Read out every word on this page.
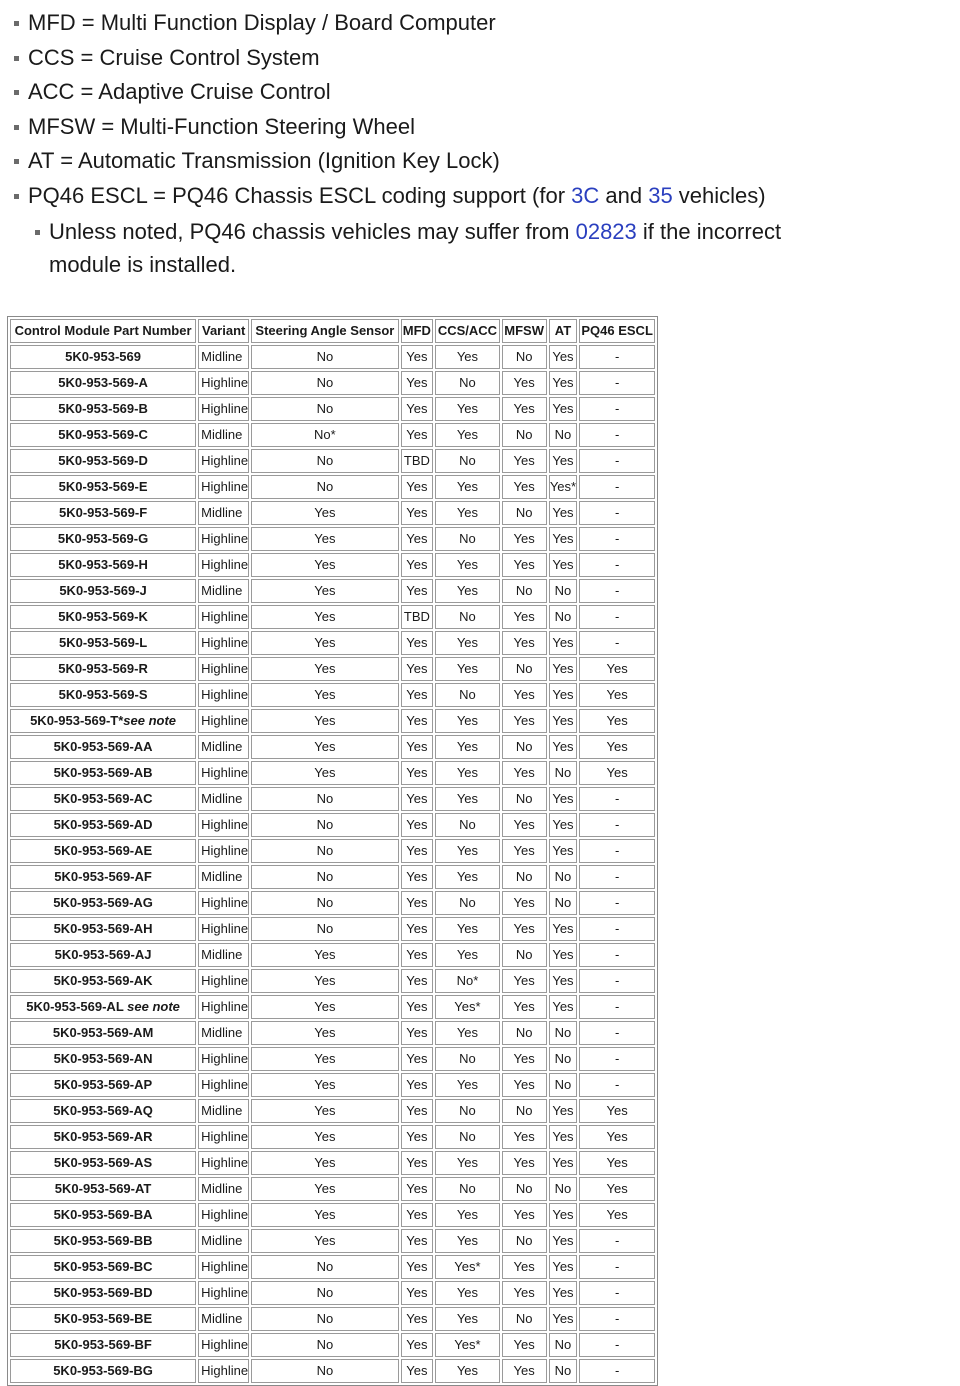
MFD = Multi Function Display / Board Computer
CCS = Cruise Control System
ACC = Adaptive Cruise Control
MFSW = Multi-Function Steering Wheel
AT = Automatic Transmission (Ignition Key Lock)
PQ46 ESCL = PQ46 Chassis ESCL coding support (for 3C and 35 vehicles)
Unless noted, PQ46 chassis vehicles may suffer from 02823 if the incorrect module is installed.
Control Module Part Number	Variant	Steering Angle Sensor	MFD	CCS/ACC	MFSW	AT	PQ46 ESCL
5K0-953-569	Midline	No	Yes	Yes	No	Yes	-
5K0-953-569-A	Highline	No	Yes	No	Yes	Yes	-
5K0-953-569-B	Highline	No	Yes	Yes	Yes	Yes	-
5K0-953-569-C	Midline	No*	Yes	Yes	No	No	-
5K0-953-569-D	Highline	No	TBD	No	Yes	Yes	-
5K0-953-569-E	Highline	No	Yes	Yes	Yes	Yes*	-
5K0-953-569-F	Midline	Yes	Yes	Yes	No	Yes	-
5K0-953-569-G	Highline	Yes	Yes	No	Yes	Yes	-
5K0-953-569-H	Highline	Yes	Yes	Yes	Yes	Yes	-
5K0-953-569-J	Midline	Yes	Yes	Yes	No	No	-
5K0-953-569-K	Highline	Yes	TBD	No	Yes	No	-
5K0-953-569-L	Highline	Yes	Yes	Yes	Yes	Yes	-
5K0-953-569-R	Highline	Yes	Yes	Yes	No	Yes	Yes
5K0-953-569-S	Highline	Yes	Yes	No	Yes	Yes	Yes
5K0-953-569-T*see note	Highline	Yes	Yes	Yes	Yes	Yes	Yes
5K0-953-569-AA	Midline	Yes	Yes	Yes	No	Yes	Yes
5K0-953-569-AB	Highline	Yes	Yes	Yes	Yes	No	Yes
5K0-953-569-AC	Midline	No	Yes	Yes	No	Yes	-
5K0-953-569-AD	Highline	No	Yes	No	Yes	Yes	-
5K0-953-569-AE	Highline	No	Yes	Yes	Yes	Yes	-
5K0-953-569-AF	Midline	No	Yes	Yes	No	No	-
5K0-953-569-AG	Highline	No	Yes	No	Yes	No	-
5K0-953-569-AH	Highline	No	Yes	Yes	Yes	Yes	-
5K0-953-569-AJ	Midline	Yes	Yes	Yes	No	Yes	-
5K0-953-569-AK	Highline	Yes	Yes	No*	Yes	Yes	-
5K0-953-569-AL see note	Highline	Yes	Yes	Yes*	Yes	Yes	-
5K0-953-569-AM	Midline	Yes	Yes	Yes	No	No	-
5K0-953-569-AN	Highline	Yes	Yes	No	Yes	No	-
5K0-953-569-AP	Highline	Yes	Yes	Yes	Yes	No	-
5K0-953-569-AQ	Midline	Yes	Yes	No	No	Yes	Yes
5K0-953-569-AR	Highline	Yes	Yes	No	Yes	Yes	Yes
5K0-953-569-AS	Highline	Yes	Yes	Yes	Yes	Yes	Yes
5K0-953-569-AT	Midline	Yes	Yes	No	No	No	Yes
5K0-953-569-BA	Highline	Yes	Yes	Yes	Yes	Yes	Yes
5K0-953-569-BB	Midline	Yes	Yes	Yes	No	Yes	-
5K0-953-569-BC	Highline	No	Yes	Yes*	Yes	Yes	-
5K0-953-569-BD	Highline	No	Yes	Yes	Yes	Yes	-
5K0-953-569-BE	Midline	No	Yes	Yes	No	Yes	-
5K0-953-569-BF	Highline	No	Yes	Yes*	Yes	No	-
5K0-953-569-BG	Highline	No	Yes	Yes	Yes	No	-
